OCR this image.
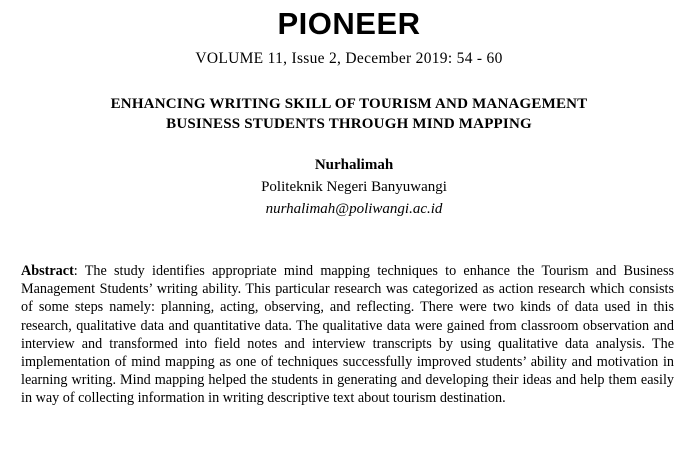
PIONEER
VOLUME 11, Issue 2, December 2019: 54 - 60
ENHANCING WRITING SKILL OF TOURISM AND MANAGEMENT
BUSINESS STUDENTS THROUGH MIND MAPPING
Nurhalimah
Politeknik Negeri Banyuwangi
nurhalimah@poliwangi.ac.id

Abstract: The study identifies appropriate mind mapping techniques to enhance the Tourism and Business Management Students’ writing ability. This particular research was categorized as action research which consists of some steps namely: planning, acting, observing, and reflecting. There were two kinds of data used in this research, qualitative data and quantitative data. The qualitative data were gained from classroom observation and interview and transformed into field notes and interview transcripts by using qualitative data analysis. The implementation of mind mapping as one of techniques successfully improved students’ ability and motivation in learning writing. Mind mapping helped the students in generating and developing their ideas and help them easily in way of collecting information in writing descriptive text about tourism destination.
